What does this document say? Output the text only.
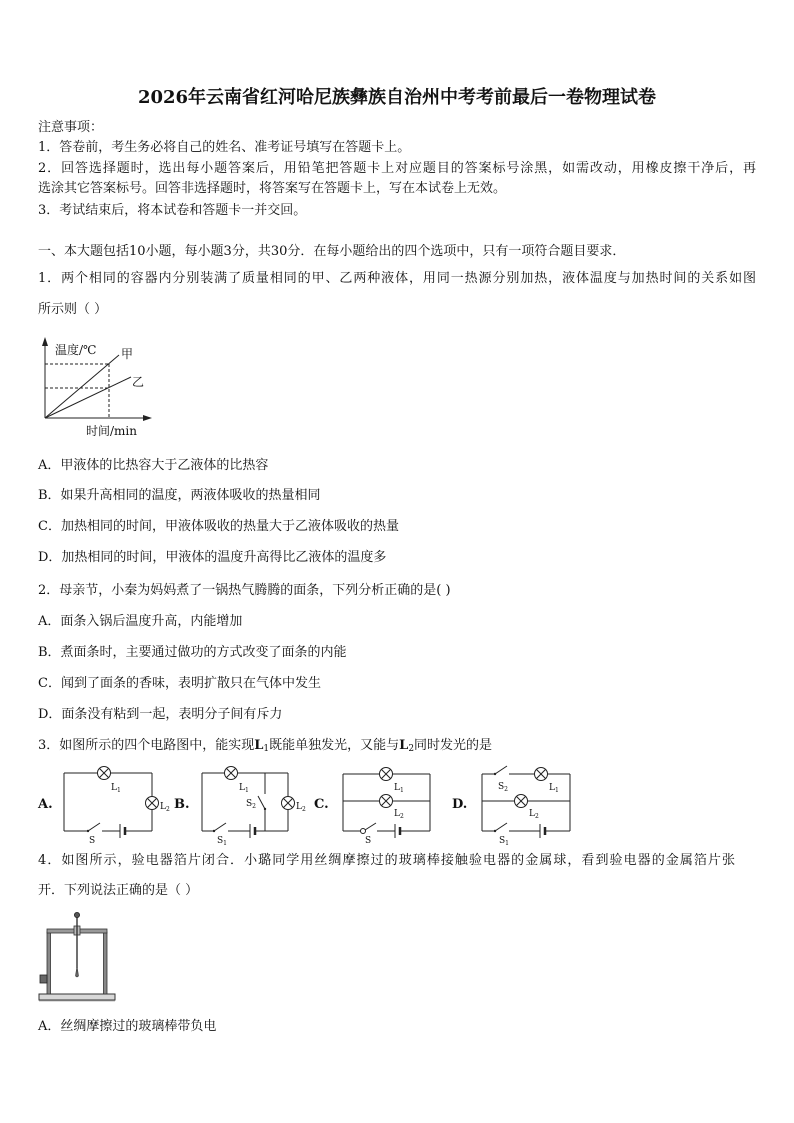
2026年云南省红河哈尼族彝族自治州中考考前最后一卷物理试卷
注意事项：
1．答卷前，考生务必将自己的姓名、准考证号填写在答题卡上。
2．回答选择题时，选出每小题答案后，用铅笔把答题卡上对应题目的答案标号涂黑，如需改动，用橡皮擦干净后，再
选涂其它答案标号。回答非选择题时，将答案写在答题卡上，写在本试卷上无效。
3．考试结束后，将本试卷和答题卡一并交回。
一、本大题包括10小题，每小题3分，共30分．在每小题给出的四个选项中，只有一项符合题目要求．
1．两个相同的容器内分别装满了质量相同的甲、乙两种液体，用同一热源分别加热，液体温度与加热时间的关系如图
所示则（ ）
温度/℃ 甲
乙
时间/min
A．甲液体的比热容大于乙液体的比热容
B．如果升高相同的温度，两液体吸收的热量相同
C．加热相同的时间，甲液体吸收的热量大于乙液体吸收的热量
D．加热相同的时间，甲液体的温度升高得比乙液体的温度多
2．母亲节，小秦为妈妈煮了一锅热气腾腾的面条，下列分析正确的是( )
A．面条入锅后温度升高，内能增加
B．煮面条时，主要通过做功的方式改变了面条的内能
C．闻到了面条的香味，表明扩散只在气体中发生
D．面条没有粘到一起，表明分子间有斥力
3．如图所示的四个电路图中，能实现$L_1$既能单独发光，又能与$L_2$同时发光的是
A.
$L_1$
$L_2$
S
B.
$L_1$
$S_2$	$L_2$
$S_1$
C.
$L_1$
$L_2$
S
D.
$S_2$	$L_1$
$L_2$
$S_1$
4．如图所示，验电器箔片闭合．小璐同学用丝绸摩擦过的玻璃棒接触验电器的金属球，看到验电器的金属箔片张
开．下列说法正确的是（ ）
A．丝绸摩擦过的玻璃棒带负电
